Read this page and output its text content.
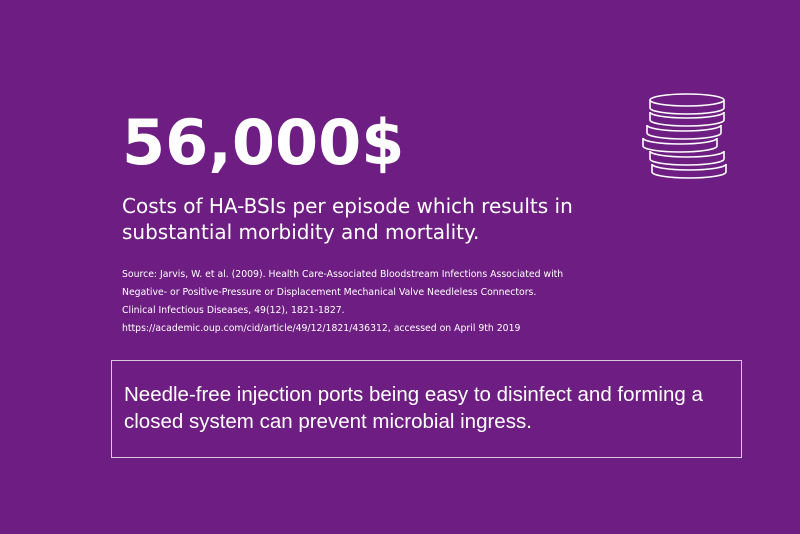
56,000$
Costs of HA-BSIs per episode which results in substantial morbidity and mortality.
Source: Jarvis, W. et al. (2009). Health Care-Associated Bloodstream Infections Associated with
Negative- or Positive-Pressure or Displacement Mechanical Valve Needleless Connectors.
Clinical Infectious Diseases, 49(12), 1821-1827.
https://academic.oup.com/cid/article/49/12/1821/436312, accessed on April 9th 2019
Needle-free injection ports being easy to disinfect and forming a closed system can prevent microbial ingress.
